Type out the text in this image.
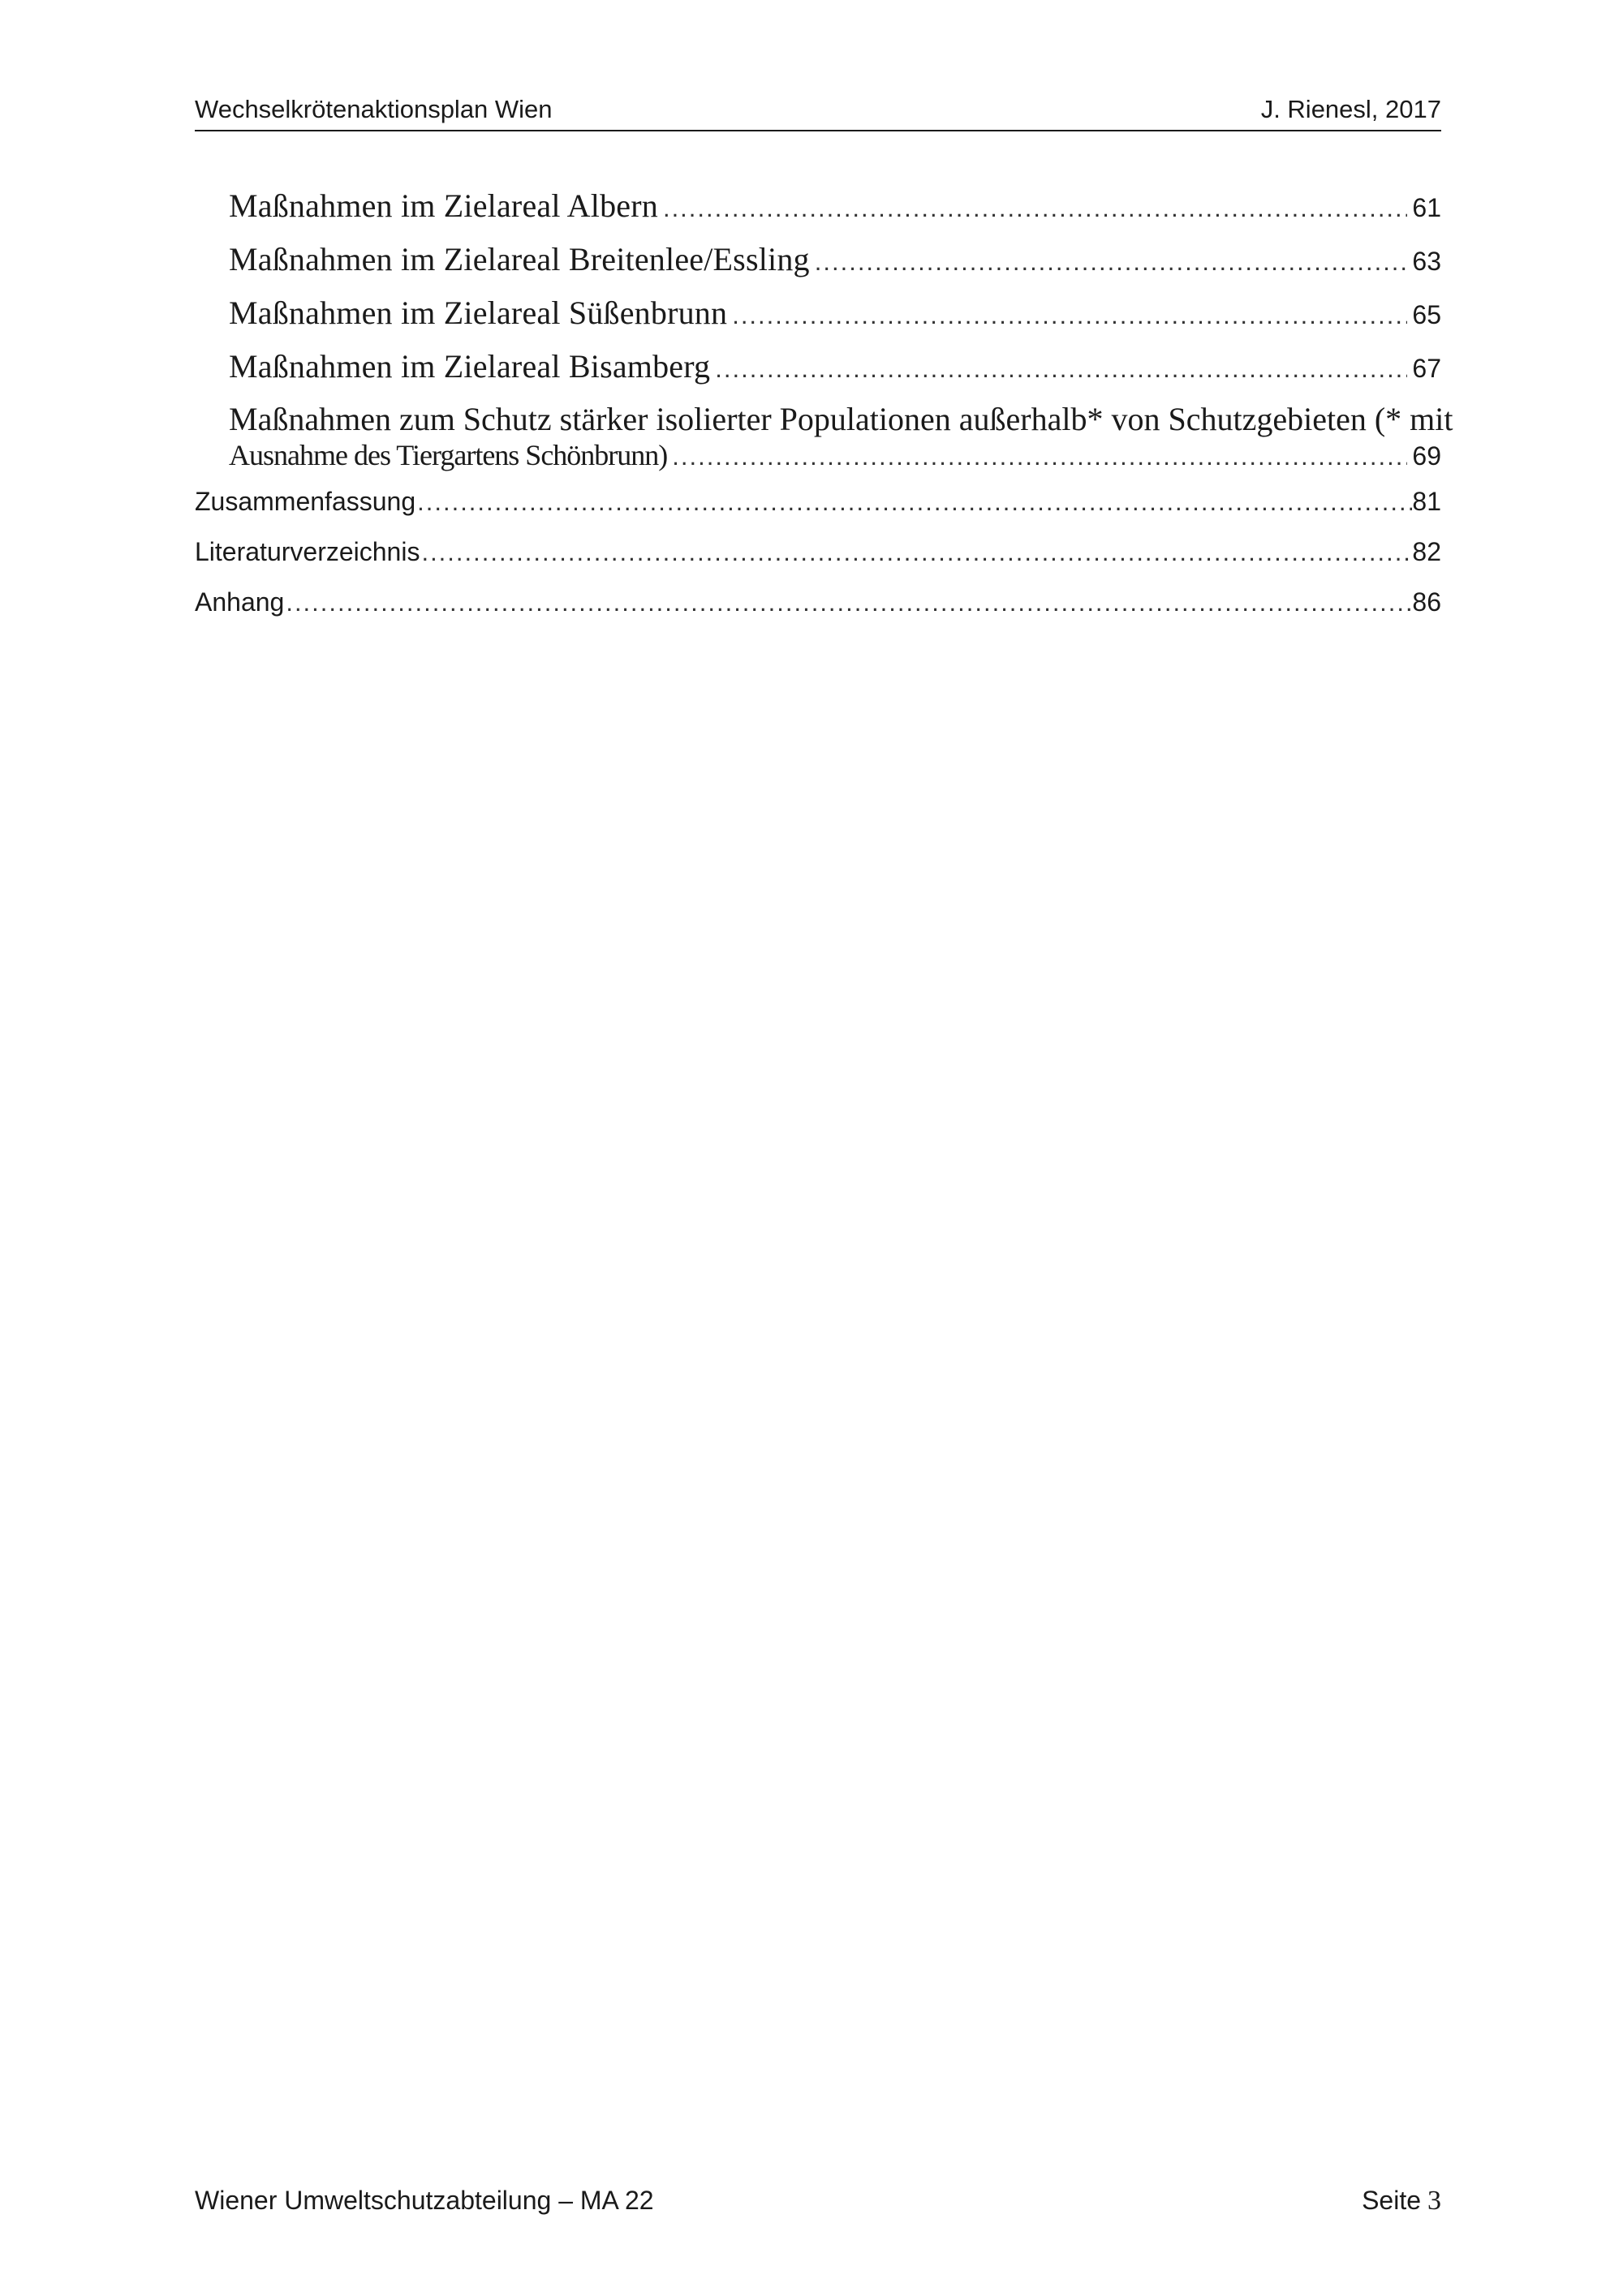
Wechselkrötenaktionsplan Wien	J. Rienesl, 2017
Maßnahmen im Zielareal Albern .....	61
Maßnahmen im Zielareal Breitenlee/Essling .....	63
Maßnahmen im Zielareal Süßenbrunn .....	65
Maßnahmen im Zielareal Bisamberg .....	67
Maßnahmen zum Schutz stärker isolierter Populationen außerhalb* von Schutzgebieten (* mit
Ausnahme des Tiergartens Schönbrunn) .....	69
Zusammenfassung .....	81
Literaturverzeichnis .....	82
Anhang .....	86
Wiener Umweltschutzabteilung – MA 22	Seite 3
